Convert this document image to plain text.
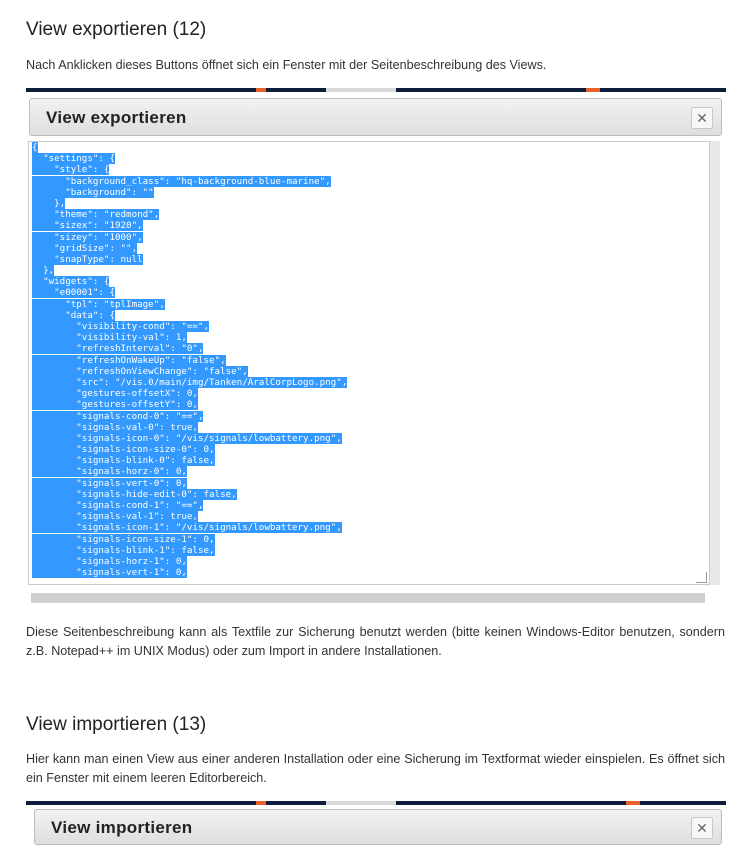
View exportieren (12)

Nach Anklicken dieses Buttons öffnet sich ein Fenster mit der Seitenbeschreibung des Views.

View exportieren	✕
{
"settings": {
"style": {
"background_class": "hq-background-blue-marine",
"background": ""
},
"theme": "redmond",
"sizex": "1920",
"sizey": "1000",
"gridSize": "",
"snapType": null
},
"widgets": {
"e00001": {
"tpl": "tplImage",
"data": {
"visibility-cond": "==",
"visibility-val": 1,
"refreshInterval": "0",
"refreshOnWakeUp": "false",
"refreshOnViewChange": "false",
"src": "/vis.0/main/img/Tanken/AralCorpLogo.png",
"gestures-offsetX": 0,
"gestures-offsetY": 0,
"signals-cond-0": "==",
"signals-val-0": true,
"signals-icon-0": "/vis/signals/lowbattery.png",
"signals-icon-size-0": 0,
"signals-blink-0": false,
"signals-horz-0": 0,
"signals-vert-0": 0,
"signals-hide-edit-0": false,
"signals-cond-1": "==",
"signals-val-1": true,
"signals-icon-1": "/vis/signals/lowbattery.png",
"signals-icon-size-1": 0,
"signals-blink-1": false,
"signals-horz-1": 0,
"signals-vert-1": 0,

Diese Seitenbeschreibung kann als Textfile zur Sicherung benutzt werden (bitte keinen Windows-Editor benutzen, sondern z.B. Notepad++ im UNIX Modus) oder zum Import in andere Installationen.

View importieren (13)

Hier kann man einen View aus einer anderen Installation oder eine Sicherung im Textformat wieder einspielen. Es öffnet sich ein Fenster mit einem leeren Editorbereich.

View importieren	✕
